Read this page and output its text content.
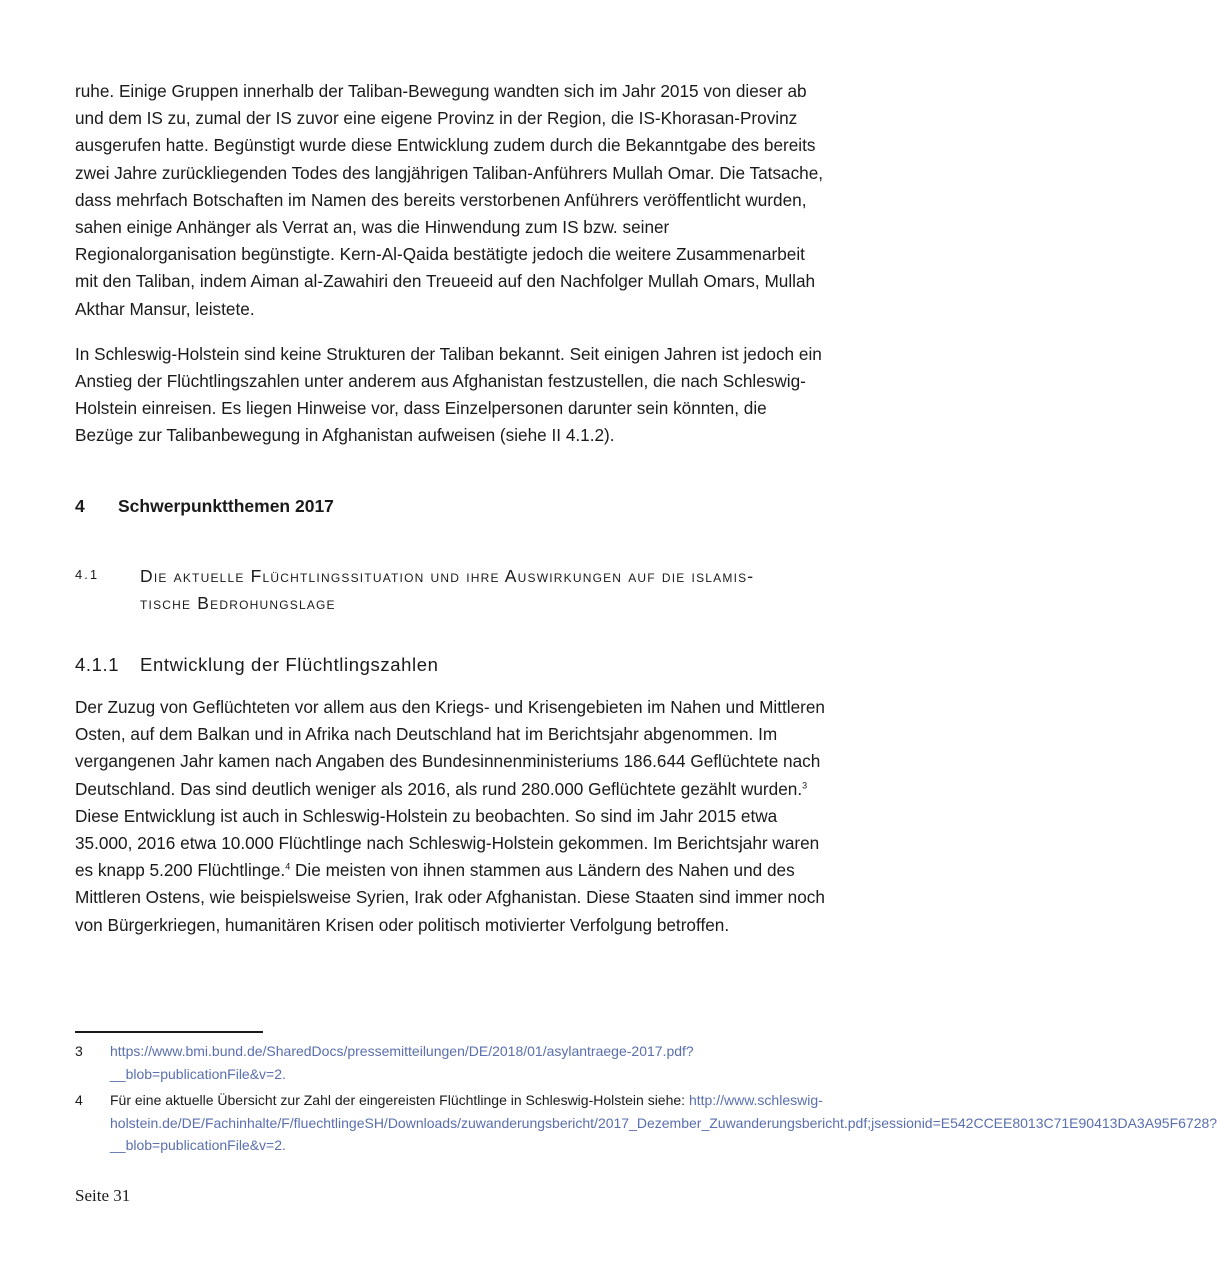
ruhe. Einige Gruppen innerhalb der Taliban-Bewegung wandten sich im Jahr 2015 von dieser ab und dem IS zu, zumal der IS zuvor eine eigene Provinz in der Region, die IS-Khorasan-Provinz ausgerufen hatte. Begünstigt wurde diese Entwicklung zudem durch die Bekanntgabe des bereits zwei Jahre zurückliegenden Todes des langjährigen Taliban-Anführers Mullah Omar. Die Tatsache, dass mehrfach Botschaften im Namen des bereits verstorbenen Anführers veröffentlicht wurden, sahen einige Anhänger als Verrat an, was die Hinwendung zum IS bzw. seiner Regionalorganisation begünstigte. Kern-Al-Qaida bestätigte jedoch die weitere Zusammenarbeit mit den Taliban, indem Aiman al-Zawahiri den Treueeid auf den Nachfolger Mullah Omars, Mullah Akthar Mansur, leistete.

In Schleswig-Holstein sind keine Strukturen der Taliban bekannt. Seit einigen Jahren ist jedoch ein Anstieg der Flüchtlingszahlen unter anderem aus Afghanistan festzustellen, die nach Schleswig-Holstein einreisen. Es liegen Hinweise vor, dass Einzelpersonen darunter sein könnten, die Bezüge zur Talibanbewegung in Afghanistan aufweisen (siehe II 4.1.2).

4 Schwerpunktthemen 2017
4.1	Die aktuelle Flüchtlingssituation und ihre Auswirkungen auf die islamis-
tische Bedrohungslage
4.1.1 Entwicklung der Flüchtlingszahlen

Der Zuzug von Geflüchteten vor allem aus den Kriegs- und Krisengebieten im Nahen und Mittleren Osten, auf dem Balkan und in Afrika nach Deutschland hat im Berichtsjahr abgenommen. Im vergangenen Jahr kamen nach Angaben des Bundesinnenministeriums 186.644 Geflüchtete nach Deutschland. Das sind deutlich weniger als 2016, als rund 280.000 Geflüchtete gezählt wurden.$^3$ Diese Entwicklung ist auch in Schleswig-Holstein zu beobachten. So sind im Jahr 2015 etwa 35.000, 2016 etwa 10.000 Flüchtlinge nach Schleswig-Holstein gekommen. Im Berichtsjahr waren es knapp 5.200 Flüchtlinge.$^4$ Die meisten von ihnen stammen aus Ländern des Nahen und des Mittleren Ostens, wie beispielsweise Syrien, Irak oder Afghanistan. Diese Staaten sind immer noch von Bürgerkriegen, humanitären Krisen oder politisch motivierter Verfolgung betroffen.

3	https://www.bmi.bund.de/SharedDocs/pressemitteilungen/DE/2018/01/asylantraege-2017.pdf?__blob=publicationFile&v=2.
4	Für eine aktuelle Übersicht zur Zahl der eingereisten Flüchtlinge in Schleswig-Holstein siehe: http://www.schleswig-holstein.de/DE/Fachinhalte/F/fluechtlingeSH/Downloads/zuwanderungsbericht/2017_Dezember_Zuwanderungsbericht.pdf;jsessionid=E542CCEE8013C71E90413DA3A95F6728?__blob=publicationFile&v=2.
Seite 31
